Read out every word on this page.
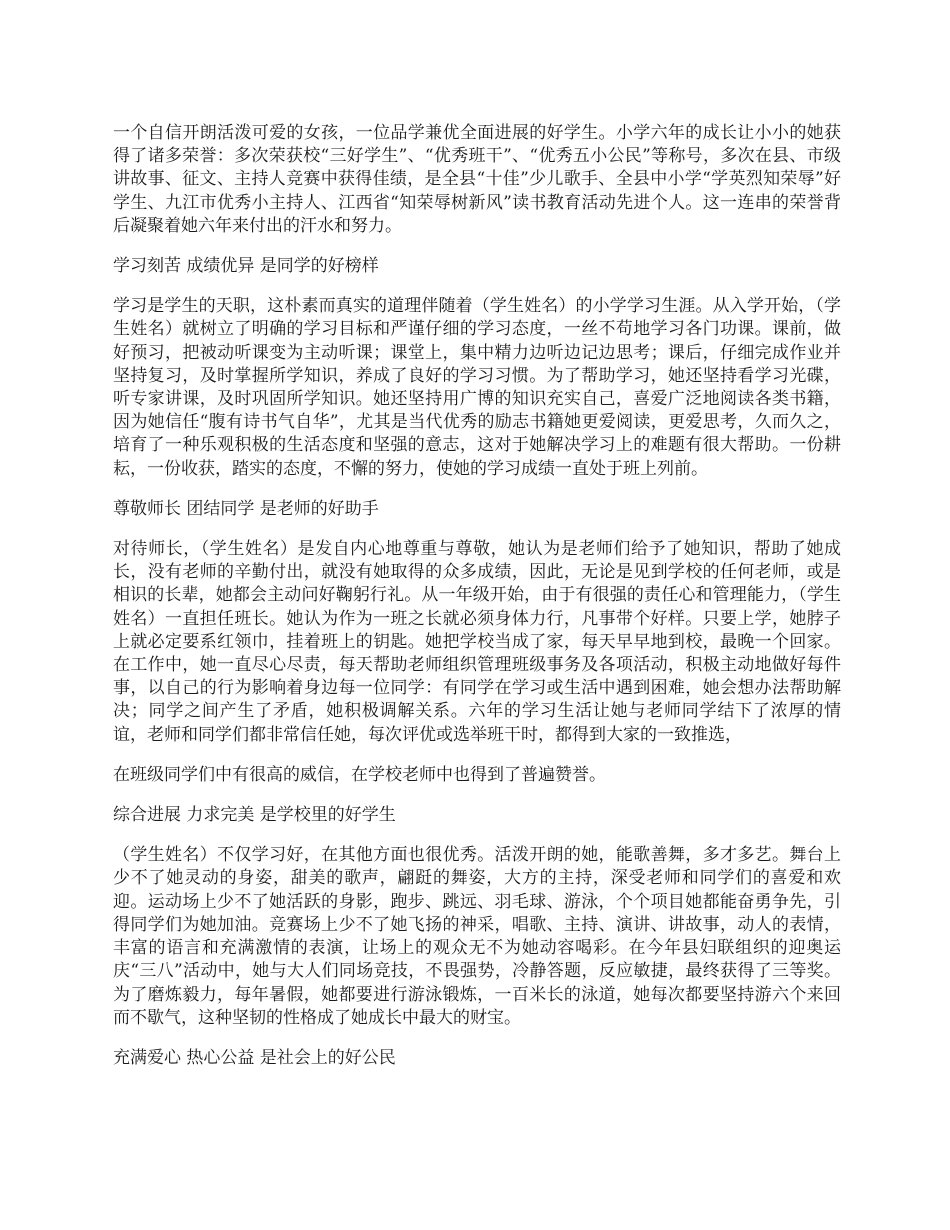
一个自信开朗活泼可爱的女孩，一位品学兼优全面进展的好学生。小学六年的成长让小小的她获得了诸多荣誉：多次荣获校“三好学生”、“优秀班干”、“优秀五小公民”等称号，多次在县、市级讲故事、征文、主持人竞赛中获得佳绩，是全县“十佳”少儿歌手、全县中小学“学英烈知荣辱”好学生、九江市优秀小主持人、江西省“知荣辱树新风”读书教育活动先进个人。这一连串的荣誉背后凝聚着她六年来付出的汗水和努力。

学习刻苦 成绩优异 是同学的好榜样

学习是学生的天职，这朴素而真实的道理伴随着（学生姓名）的小学学习生涯。从入学开始，（学生姓名）就树立了明确的学习目标和严谨仔细的学习态度，一丝不苟地学习各门功课。课前，做好预习，把被动听课变为主动听课；课堂上，集中精力边听边记边思考；课后，仔细完成作业并坚持复习，及时掌握所学知识，养成了良好的学习习惯。为了帮助学习，她还坚持看学习光碟，听专家讲课，及时巩固所学知识。她还坚持用广博的知识充实自己，喜爱广泛地阅读各类书籍，因为她信任“腹有诗书气自华”，尤其是当代优秀的励志书籍她更爱阅读，更爱思考，久而久之，培育了一种乐观积极的生活态度和坚强的意志，这对于她解决学习上的难题有很大帮助。一份耕耘，一份收获，踏实的态度，不懈的努力，使她的学习成绩一直处于班上列前。

尊敬师长 团结同学 是老师的好助手

对待师长，（学生姓名）是发自内心地尊重与尊敬，她认为是老师们给予了她知识，帮助了她成长，没有老师的辛勤付出，就没有她取得的众多成绩，因此，无论是见到学校的任何老师，或是相识的长辈，她都会主动问好鞠躬行礼。从一年级开始，由于有很强的责任心和管理能力，（学生姓名）一直担任班长。她认为作为一班之长就必须身体力行，凡事带个好样。只要上学，她脖子上就必定要系红领巾，挂着班上的钥匙。她把学校当成了家，每天早早地到校，最晚一个回家。在工作中，她一直尽心尽责，每天帮助老师组织管理班级事务及各项活动，积极主动地做好每件事，以自己的行为影响着身边每一位同学：有同学在学习或生活中遇到困难，她会想办法帮助解决；同学之间产生了矛盾，她积极调解关系。六年的学习生活让她与老师同学结下了浓厚的情谊，老师和同学们都非常信任她，每次评优或选举班干时，都得到大家的一致推选，

在班级同学们中有很高的威信，在学校老师中也得到了普遍赞誉。

综合进展 力求完美 是学校里的好学生

（学生姓名）不仅学习好，在其他方面也很优秀。活泼开朗的她，能歌善舞，多才多艺。舞台上少不了她灵动的身姿，甜美的歌声，翩跹的舞姿，大方的主持，深受老师和同学们的喜爱和欢迎。运动场上少不了她活跃的身影，跑步、跳远、羽毛球、游泳，个个项目她都能奋勇争先，引得同学们为她加油。竞赛场上少不了她飞扬的神采，唱歌、主持、演讲、讲故事，动人的表情，丰富的语言和充满激情的表演，让场上的观众无不为她动容喝彩。在今年县妇联组织的迎奥运庆“三八”活动中，她与大人们同场竞技，不畏强势，冷静答题，反应敏捷，最终获得了三等奖。为了磨炼毅力，每年暑假，她都要进行游泳锻炼，一百米长的泳道，她每次都要坚持游六个来回而不歇气，这种坚韧的性格成了她成长中最大的财宝。

充满爱心 热心公益 是社会上的好公民
